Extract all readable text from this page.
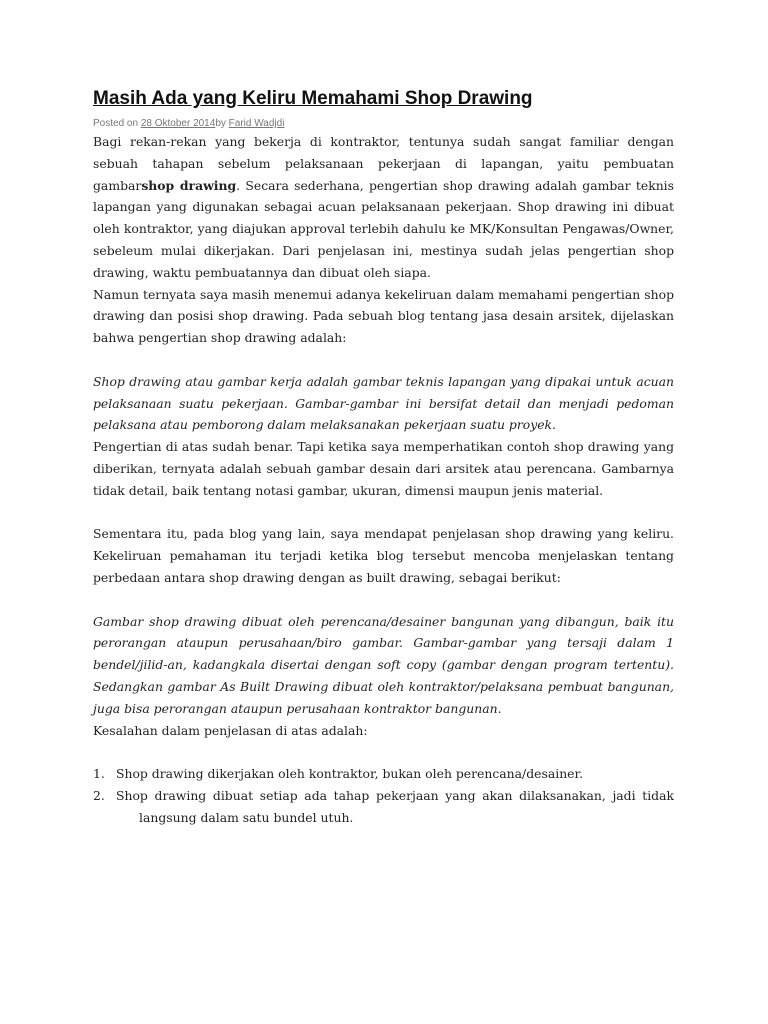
Masih Ada yang Keliru Memahami Shop Drawing
Posted on 28 Oktober 2014by Farid Wadjdi

Bagi rekan-rekan yang bekerja di kontraktor, tentunya sudah sangat familiar dengan sebuah tahapan sebelum pelaksanaan pekerjaan di lapangan, yaitu pembuatan gambarshop drawing. Secara sederhana, pengertian shop drawing adalah gambar teknis lapangan yang digunakan sebagai acuan pelaksanaan pekerjaan. Shop drawing ini dibuat oleh kontraktor, yang diajukan approval terlebih dahulu ke MK/Konsultan Pengawas/Owner, sebeleum mulai dikerjakan. Dari penjelasan ini, mestinya sudah jelas pengertian shop drawing, waktu pembuatannya dan dibuat oleh siapa.

Namun ternyata saya masih menemui adanya kekeliruan dalam memahami pengertian shop drawing dan posisi shop drawing. Pada sebuah blog tentang jasa desain arsitek, dijelaskan bahwa pengertian shop drawing adalah:

Shop drawing atau gambar kerja adalah gambar teknis lapangan yang dipakai untuk acuan pelaksanaan suatu pekerjaan. Gambar-gambar ini bersifat detail dan menjadi pedoman pelaksana atau pemborong dalam melaksanakan pekerjaan suatu proyek.

Pengertian di atas sudah benar. Tapi ketika saya memperhatikan contoh shop drawing yang diberikan, ternyata adalah sebuah gambar desain dari arsitek atau perencana. Gambarnya tidak detail, baik tentang notasi gambar, ukuran, dimensi maupun jenis material.

Sementara itu, pada blog yang lain, saya mendapat penjelasan shop drawing yang keliru. Kekeliruan pemahaman itu terjadi ketika blog tersebut mencoba menjelaskan tentang perbedaan antara shop drawing dengan as built drawing, sebagai berikut:

Gambar shop drawing dibuat oleh perencana/desainer bangunan yang dibangun, baik itu perorangan ataupun perusahaan/biro gambar. Gambar-gambar yang tersaji dalam 1 bendel/jilid-an, kadangkala disertai dengan soft copy (gambar dengan program tertentu). Sedangkan gambar As Built Drawing dibuat oleh kontraktor/pelaksana pembuat bangunan, juga bisa perorangan ataupun perusahaan kontraktor bangunan.

Kesalahan dalam penjelasan di atas adalah:

1. Shop drawing dikerjakan oleh kontraktor, bukan oleh perencana/desainer.
2. Shop drawing dibuat setiap ada tahap pekerjaan yang akan dilaksanakan, jadi tidak langsung dalam satu bundel utuh.
